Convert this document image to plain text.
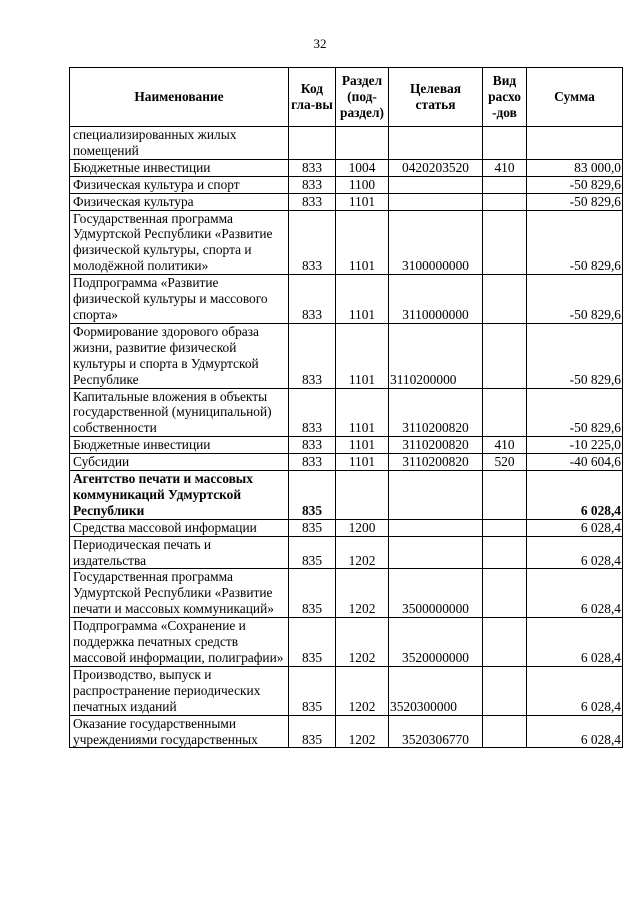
32
Наименование	Код гла-вы	Раздел (под-раздел)	Целевая статья	Вид расхо -дов	Сумма
специализированных жилых помещений					
Бюджетные инвестиции	833	1004	0420203520	410	83 000,0
Физическая культура и спорт	833	1100			-50 829,6
Физическая культура	833	1101			-50 829,6
Государственная программа Удмуртской Республики «Развитие физической культуры, спорта и молодёжной политики»	833	1101	3100000000		-50 829,6
Подпрограмма «Развитие физической культуры и массового спорта»	833	1101	3110000000		-50 829,6
Формирование здорового образа жизни, развитие физической культуры и спорта в Удмуртской Республике	833	1101	3110200000		-50 829,6
Капитальные вложения в объекты государственной (муниципальной) собственности	833	1101	3110200820		-50 829,6
Бюджетные инвестиции	833	1101	3110200820	410	-10 225,0
Субсидии	833	1101	3110200820	520	-40 604,6
Агентство печати и массовых коммуникаций Удмуртской Республики	835				6 028,4
Средства массовой информации	835	1200			6 028,4
Периодическая печать и издательства	835	1202			6 028,4
Государственная программа Удмуртской Республики «Развитие печати и массовых коммуникаций»	835	1202	3500000000		6 028,4
Подпрограмма «Сохранение и поддержка печатных средств массовой информации, полиграфии»	835	1202	3520000000		6 028,4
Производство, выпуск и распространение периодических печатных изданий	835	1202	3520300000		6 028,4
Оказание государственными учреждениями государственных	835	1202	3520306770		6 028,4
